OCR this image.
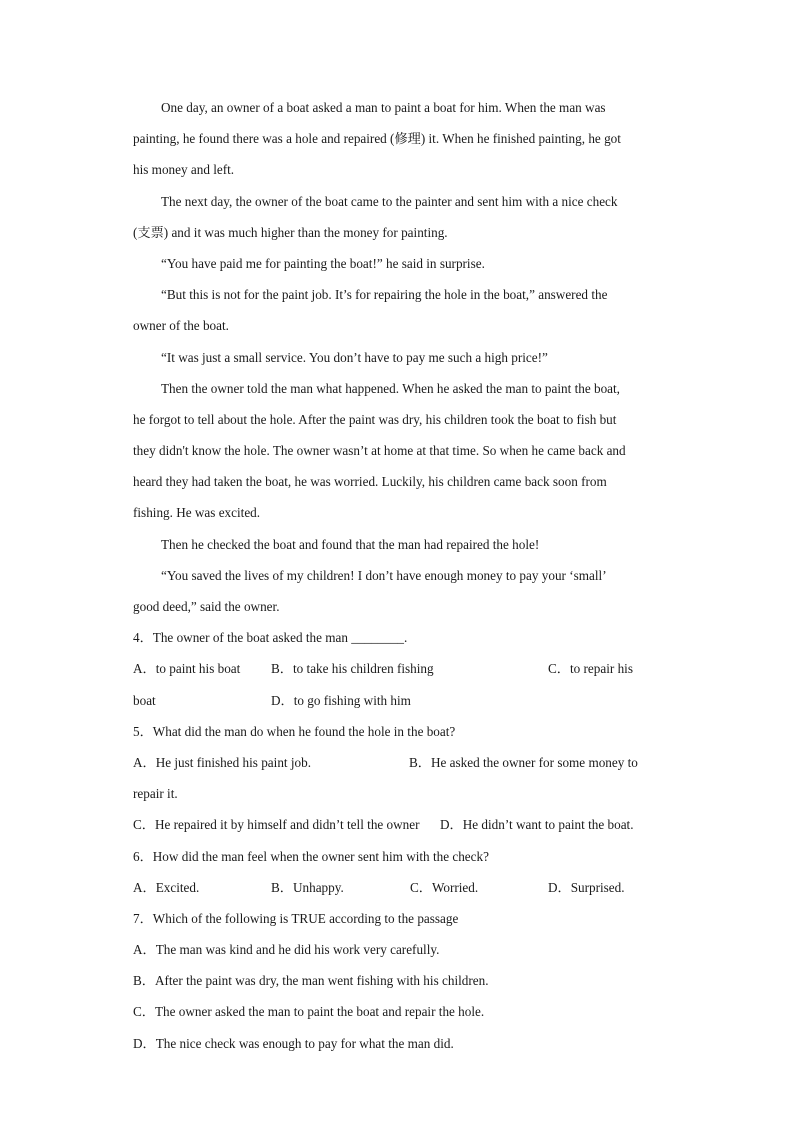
One day, an owner of a boat asked a man to paint a boat for him. When the man was
painting, he found there was a hole and repaired (修理) it. When he finished painting, he got
his money and left.
The next day, the owner of the boat came to the painter and sent him with a nice check
(支票) and it was much higher than the money for painting.
“You have paid me for painting the boat!” he said in surprise.
“But this is not for the paint job. It’s for repairing the hole in the boat,” answered the
owner of the boat.
“It was just a small service. You don’t have to pay me such a high price!”
Then the owner told the man what happened. When he asked the man to paint the boat,
he forgot to tell about the hole. After the paint was dry, his children took the boat to fish but
they didn't know the hole. The owner wasn’t at home at that time. So when he came back and
heard they had taken the boat, he was worried. Luckily, his children came back soon from
fishing. He was excited.
Then he checked the boat and found that the man had repaired the hole!
“You saved the lives of my children! I don’t have enough money to pay your ‘small’
good deed,” said the owner.
4．The owner of the boat asked the man ________.
A．to paint his boat B．to take his children fishing	C．to repair his
boat	D．to go fishing with him
5．What did the man do when he found the hole in the boat?
A．He just finished his paint job.	B．He asked the owner for some money to
repair it.
C．He repaired it by himself and didn’t tell the owner D．He didn’t want to paint the boat.
6．How did the man feel when the owner sent him with the check?
A．Excited.	B．Unhappy.	C．Worried.	D．Surprised.
7．Which of the following is TRUE according to the passage
A．The man was kind and he did his work very carefully.
B．After the paint was dry, the man went fishing with his children.
C．The owner asked the man to paint the boat and repair the hole.
D．The nice check was enough to pay for what the man did.
